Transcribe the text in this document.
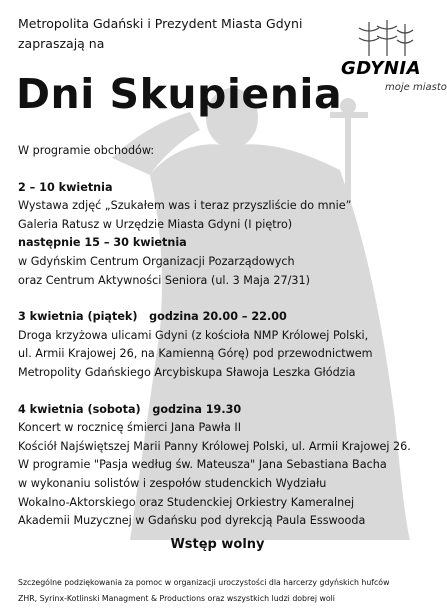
GDYNIA
moje miasto
Metropolita Gdański i Prezydent Miasta Gdyni
zapraszają na
Dni Skupienia

W programie obchodów:

2 – 10 kwietnia

Wystawa zdjęć „Szukałem was i teraz przyszliście do mnie”

Galeria Ratusz w Urzędzie Miasta Gdyni (I piętro)

następnie 15 – 30 kwietnia

w Gdyńskim Centrum Organizacji Pozarządowych

oraz Centrum Aktywności Seniora (ul. 3 Maja 27/31)

3 kwietnia (piątek)   godzina 20.00 – 22.00

Droga krzyżowa ulicami Gdyni (z kościoła NMP Królowej Polski,

ul. Armii Krajowej 26, na Kamienną Górę) pod przewodnictwem

Metropolity Gdańskiego Arcybiskupa Sławoja Leszka Głódzia

4 kwietnia (sobota)   godzina 19.30

Koncert w rocznicę śmierci Jana Pawła II

Kościół Najświętszej Marii Panny Królowej Polski, ul. Armii Krajowej 26.

W programie "Pasja według św. Mateusza" Jana Sebastiana Bacha

w wykonaniu solistów i zespołów studenckich Wydziału

Wokalno-Aktorskiego oraz Studenckiej Orkiestry Kameralnej

Akademii Muzycznej w Gdańsku pod dyrekcją Paula Esswooda

Wstęp wolny
Szczególne podziękowania za pomoc w organizacji uroczystości dla harcerzy gdyńskich hufców
ZHR, Syrinx-Kotlinski Managment & Productions oraz wszystkich ludzi dobrej woli
